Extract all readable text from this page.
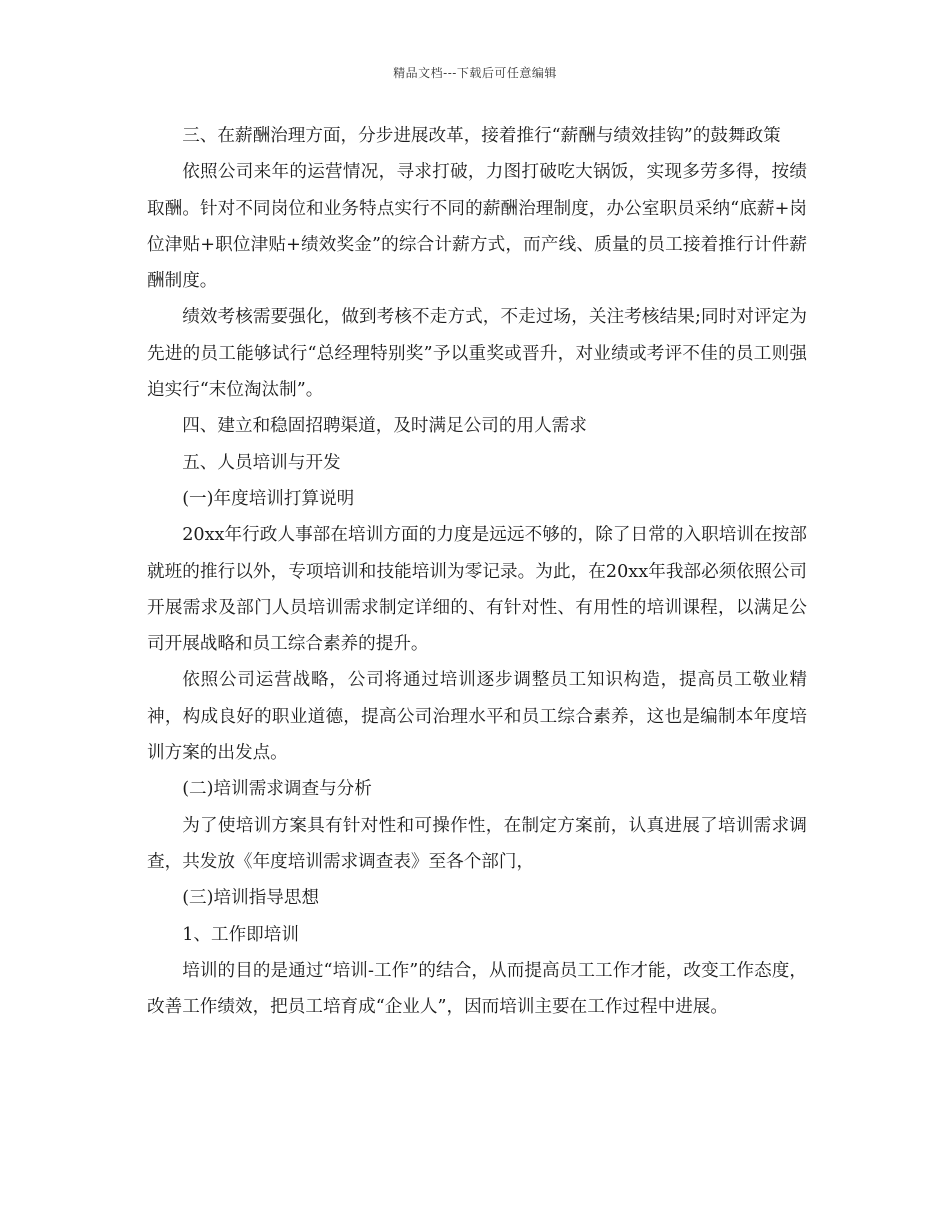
精品文档---下载后可任意编辑

三、在薪酬治理方面，分步进展改革，接着推行“薪酬与绩效挂钩”的鼓舞政策

依照公司来年的运营情况，寻求打破，力图打破吃大锅饭，实现多劳多得，按绩取酬。针对不同岗位和业务特点实行不同的薪酬治理制度，办公室职员采纳“底薪+岗位津贴+职位津贴+绩效奖金”的综合计薪方式，而产线、质量的员工接着推行计件薪酬制度。

绩效考核需要强化，做到考核不走方式，不走过场，关注考核结果;同时对评定为先进的员工能够试行“总经理特别奖”予以重奖或晋升，对业绩或考评不佳的员工则强迫实行“末位淘汰制”。

四、建立和稳固招聘渠道，及时满足公司的用人需求

五、人员培训与开发

(一)年度培训打算说明

20xx年行政人事部在培训方面的力度是远远不够的，除了日常的入职培训在按部就班的推行以外，专项培训和技能培训为零记录。为此，在20xx年我部必须依照公司开展需求及部门人员培训需求制定详细的、有针对性、有用性的培训课程，以满足公司开展战略和员工综合素养的提升。

依照公司运营战略，公司将通过培训逐步调整员工知识构造，提高员工敬业精神，构成良好的职业道德，提高公司治理水平和员工综合素养，这也是编制本年度培训方案的出发点。

(二)培训需求调查与分析

为了使培训方案具有针对性和可操作性，在制定方案前，认真进展了培训需求调查，共发放《年度培训需求调查表》至各个部门，

(三)培训指导思想

1、工作即培训

培训的目的是通过“培训-工作”的结合，从而提高员工工作才能，改变工作态度，改善工作绩效，把员工培育成“企业人”，因而培训主要在工作过程中进展。
